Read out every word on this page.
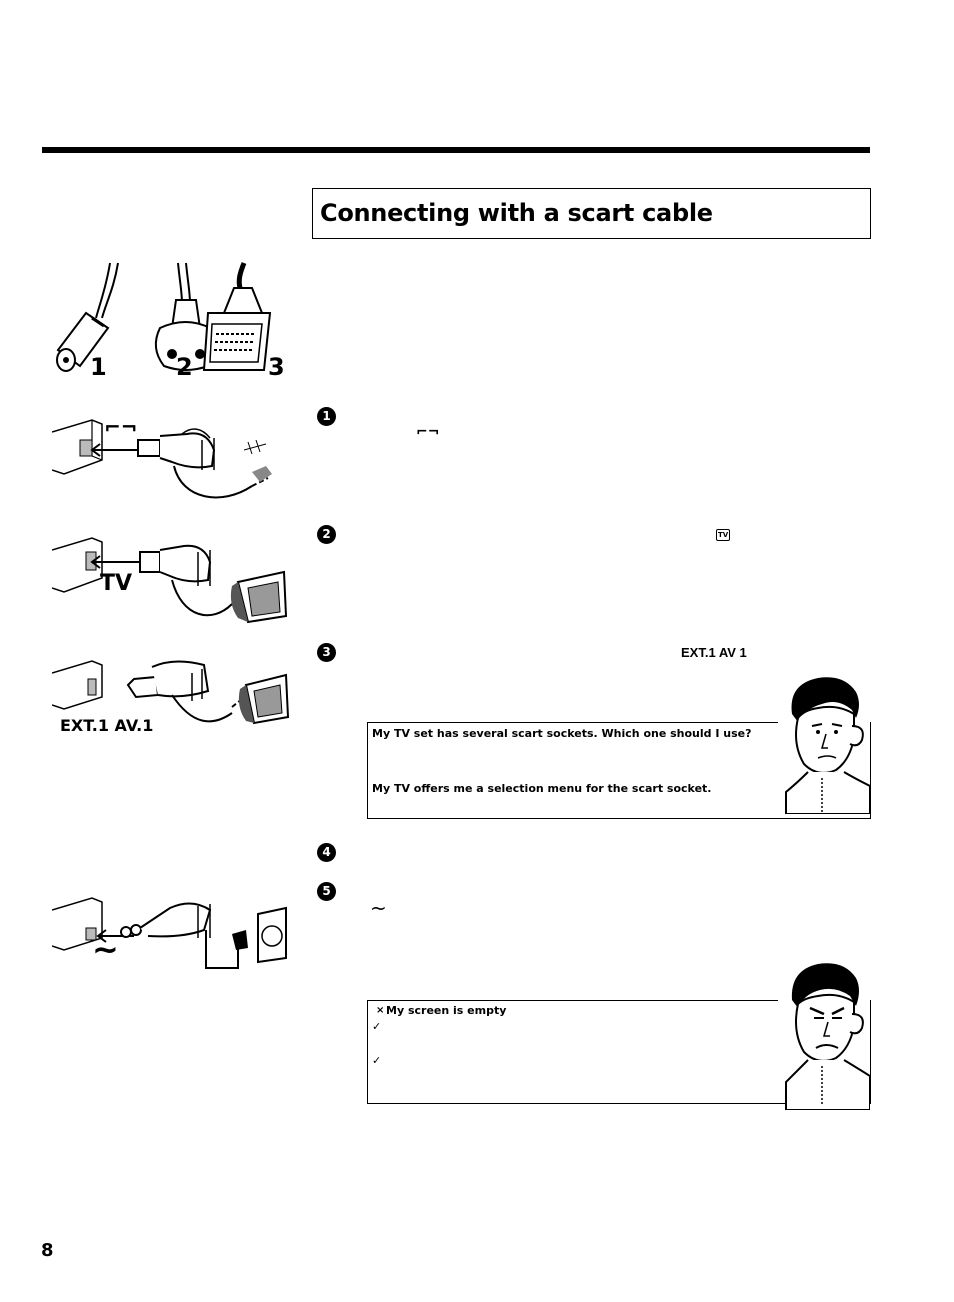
Connecting with a scart cable
1	2	3
⌐¬
TV
EXT.1 AV.1
~
1
⌐¬
2	TV
3	EXT.1 AV 1
4
5
~
My TV set has several scart sockets. Which one should I use?
My TV offers me a selection menu for the scart socket.
× My screen is empty
✓
✓
8
